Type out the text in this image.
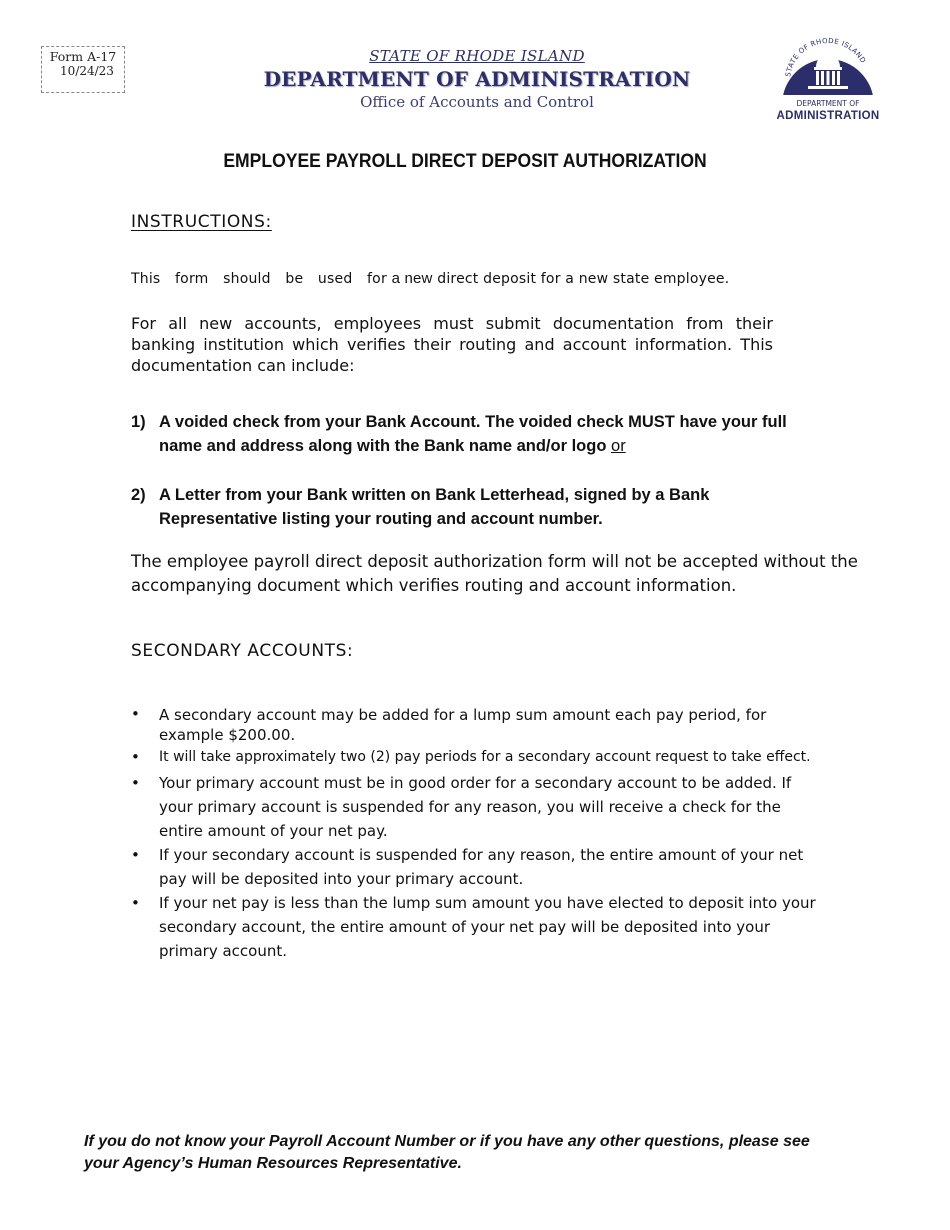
Form A-17
10/24/23
STATE OF RHODE ISLAND
DEPARTMENT OF ADMINISTRATION
Office of Accounts and Control
STATE OF RHODE ISLAND
DEPARTMENT OF
ADMINISTRATION
EMPLOYEE PAYROLL DIRECT DEPOSIT AUTHORIZATION
INSTRUCTIONS:
This form should be used for a new direct deposit for a new state employee.
For all new accounts, employees must submit documentation from their banking institution which verifies their routing and account information. This documentation can include:
1) A voided check from your Bank Account. The voided check MUST have your full name and address along with the Bank name and/or logo or
2) A Letter from your Bank written on Bank Letterhead, signed by a Bank Representative listing your routing and account number.
The employee payroll direct deposit authorization form will not be accepted without the accompanying document which verifies routing and account information.
SECONDARY ACCOUNTS:
• A secondary account may be added for a lump sum amount each pay period, for example $200.00.
• It will take approximately two (2) pay periods for a secondary account request to take effect.
• Your primary account must be in good order for a secondary account to be added. If your primary account is suspended for any reason, you will receive a check for the entire amount of your net pay.
• If your secondary account is suspended for any reason, the entire amount of your net pay will be deposited into your primary account.
• If your net pay is less than the lump sum amount you have elected to deposit into your secondary account, the entire amount of your net pay will be deposited into your primary account.
If you do not know your Payroll Account Number or if you have any other questions, please see your Agency’s Human Resources Representative.
